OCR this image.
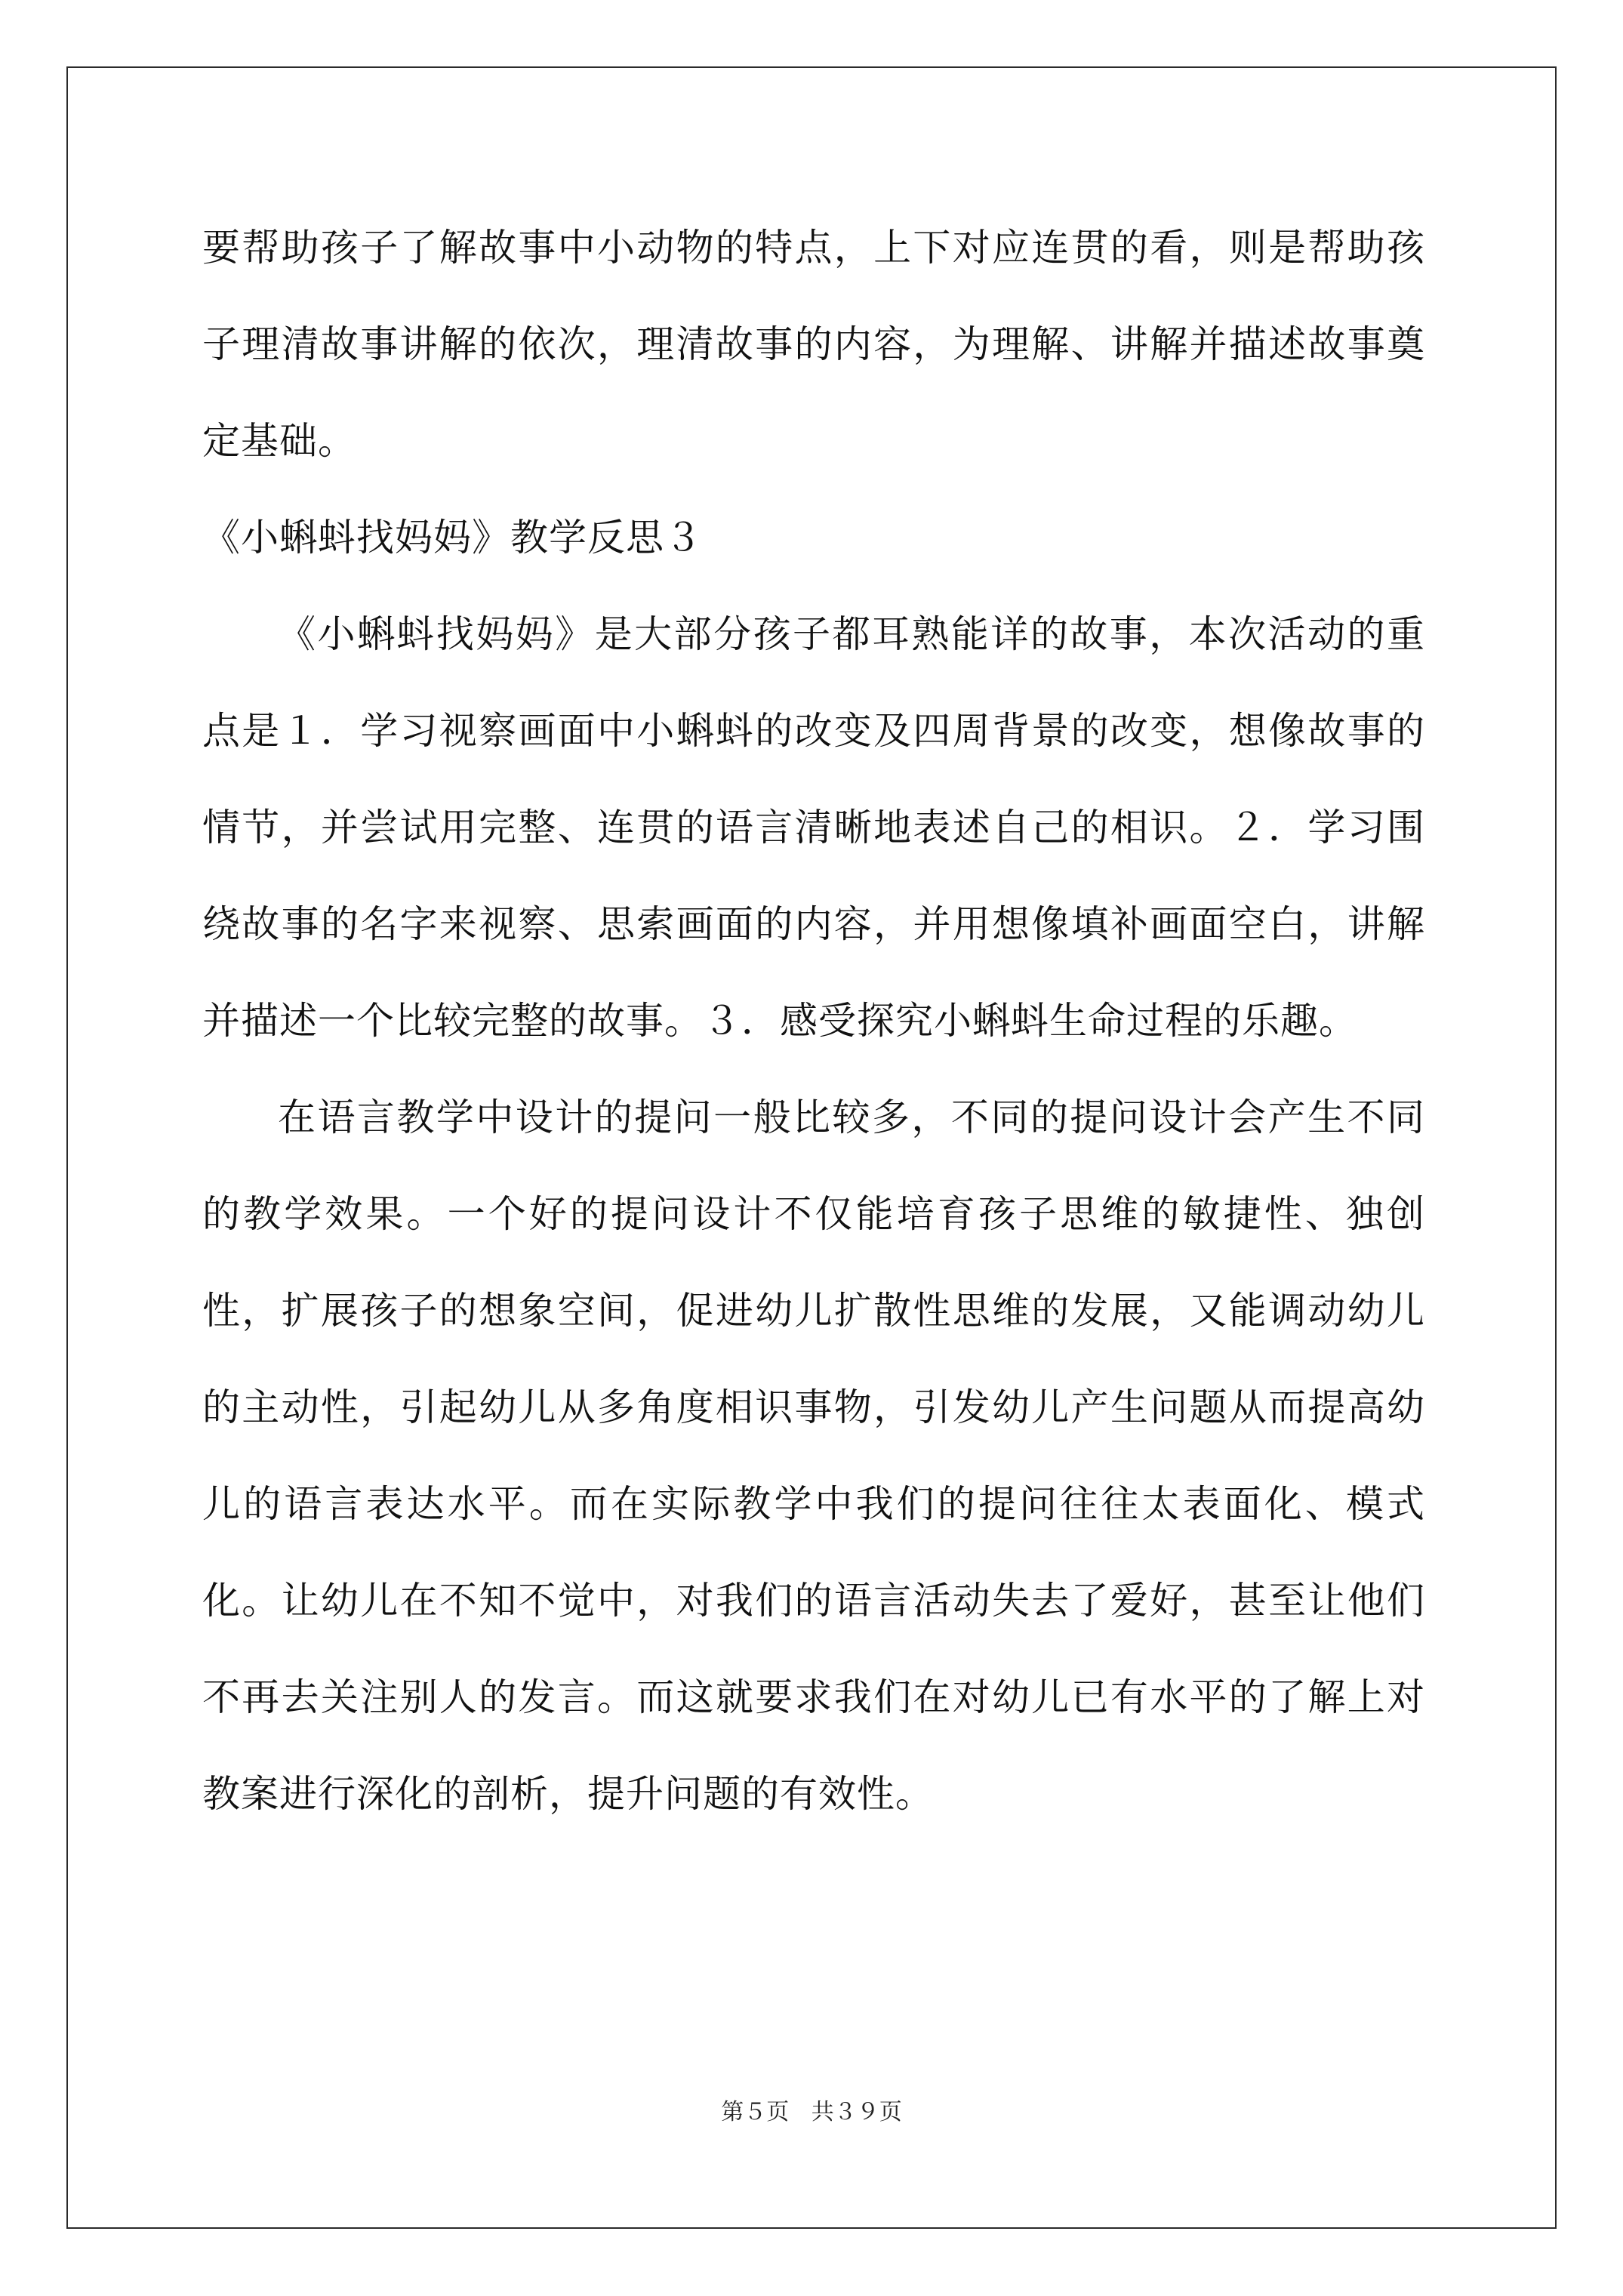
要帮助孩子了解故事中小动物的特点，上下对应连贯的看，则是帮助孩子理清故事讲解的依次，理清故事的内容，为理解、讲解并描述故事奠定基础。

《小蝌蚪找妈妈》教学反思３

《小蝌蚪找妈妈》是大部分孩子都耳熟能详的故事，本次活动的重点是１．学习视察画面中小蝌蚪的改变及四周背景的改变，想像故事的情节，并尝试用完整、连贯的语言清晰地表述自己的相识。２．学习围绕故事的名字来视察、思索画面的内容，并用想像填补画面空白，讲解并描述一个比较完整的故事。３．感受探究小蝌蚪生命过程的乐趣。

在语言教学中设计的提问一般比较多，不同的提问设计会产生不同的教学效果。一个好的提问设计不仅能培育孩子思维的敏捷性、独创性，扩展孩子的想象空间，促进幼儿扩散性思维的发展，又能调动幼儿的主动性，引起幼儿从多角度相识事物，引发幼儿产生问题从而提高幼儿的语言表达水平。而在实际教学中我们的提问往往太表面化、模式化。让幼儿在不知不觉中，对我们的语言活动失去了爱好，甚至让他们不再去关注别人的发言。而这就要求我们在对幼儿已有水平的了解上对教案进行深化的剖析，提升问题的有效性。

第５页 共３９页
